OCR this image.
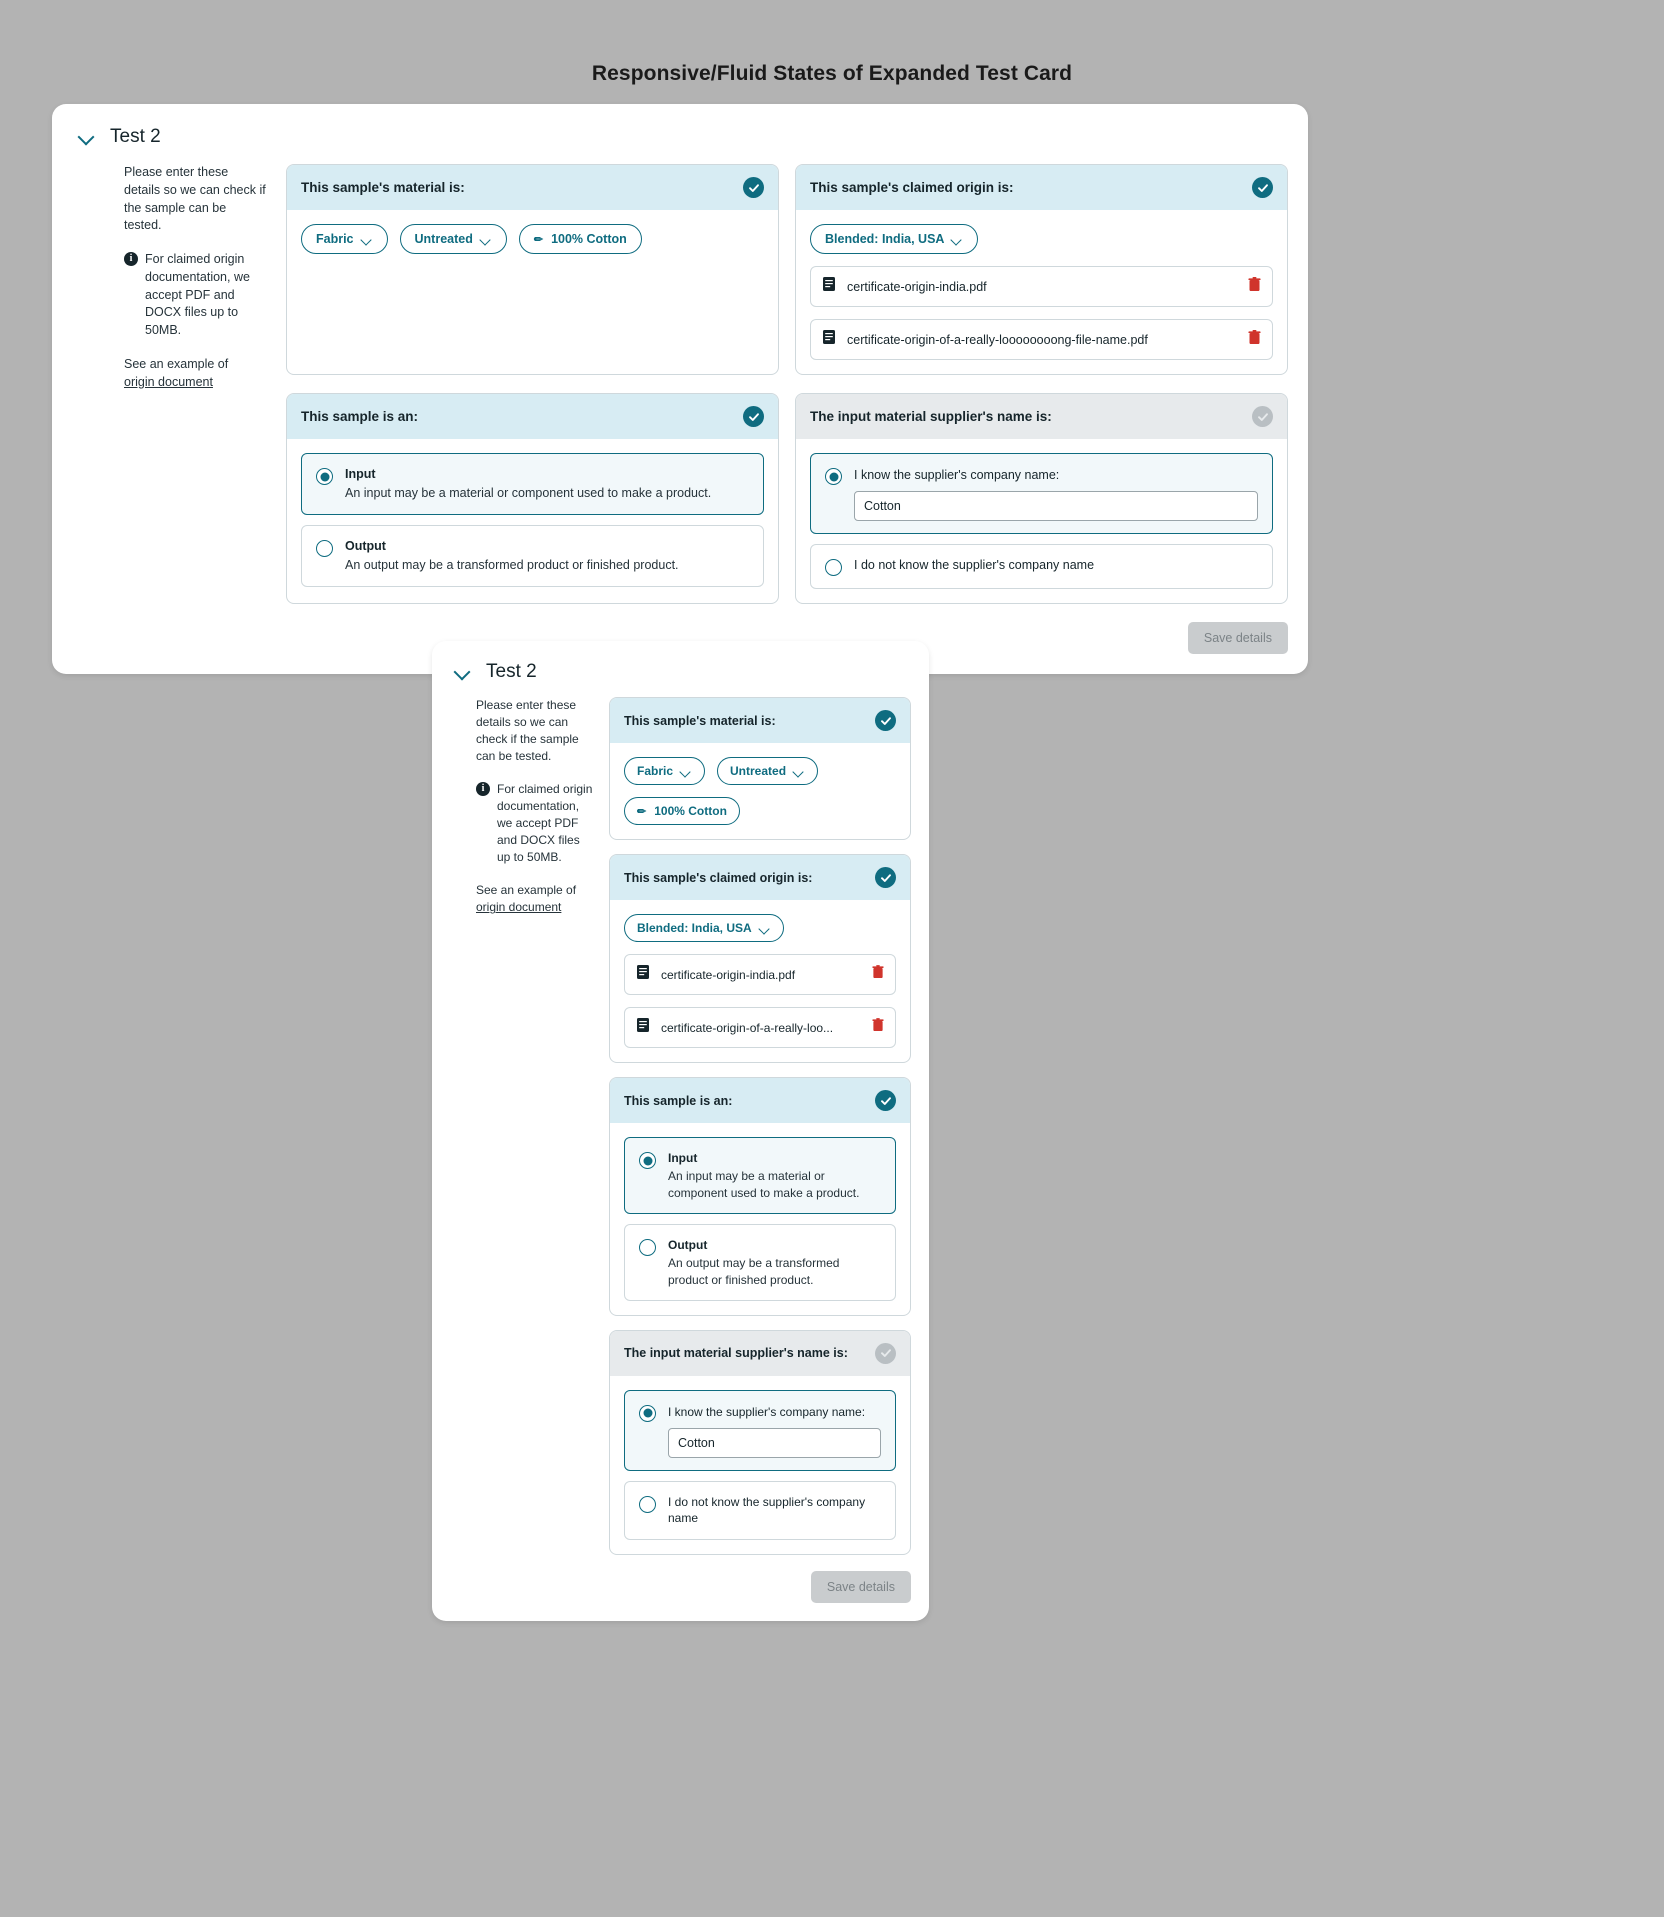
Responsive/Fluid States of Expanded Test Card
Test 2

Please enter these details so we can check if the sample can be tested.

i	For claimed origin documentation, we accept PDF and DOCX files up to 50MB.

See an example of
origin document

This sample's material is:
Fabric	Untreated	✏ 100% Cotton
This sample's claimed origin is:
Blended: India, USA
certificate-origin-india.pdf
certificate-origin-of-a-really-loooooooong-file-name.pdf
This sample is an:
Input
An input may be a material or component used to make a product.
Output
An output may be a transformed product or finished product.
The input material supplier's name is:
I know the supplier's company name: Cotton
I do not know the supplier's company name
Save details
Test 2

Please enter these details so we can check if the sample can be tested.

i	For claimed origin documentation, we accept PDF and DOCX files up to 50MB.

See an example of
origin document

This sample's material is:
Fabric	Untreated
✏ 100% Cotton
This sample's claimed origin is:
Blended: India, USA
certificate-origin-india.pdf
certificate-origin-of-a-really-loo...
This sample is an:
Input
An input may be a material or component used to make a product.
Output
An output may be a transformed product or finished product.
The input material supplier's name is:
I know the supplier's company name: Cotton
I do not know the supplier's company name
Save details
